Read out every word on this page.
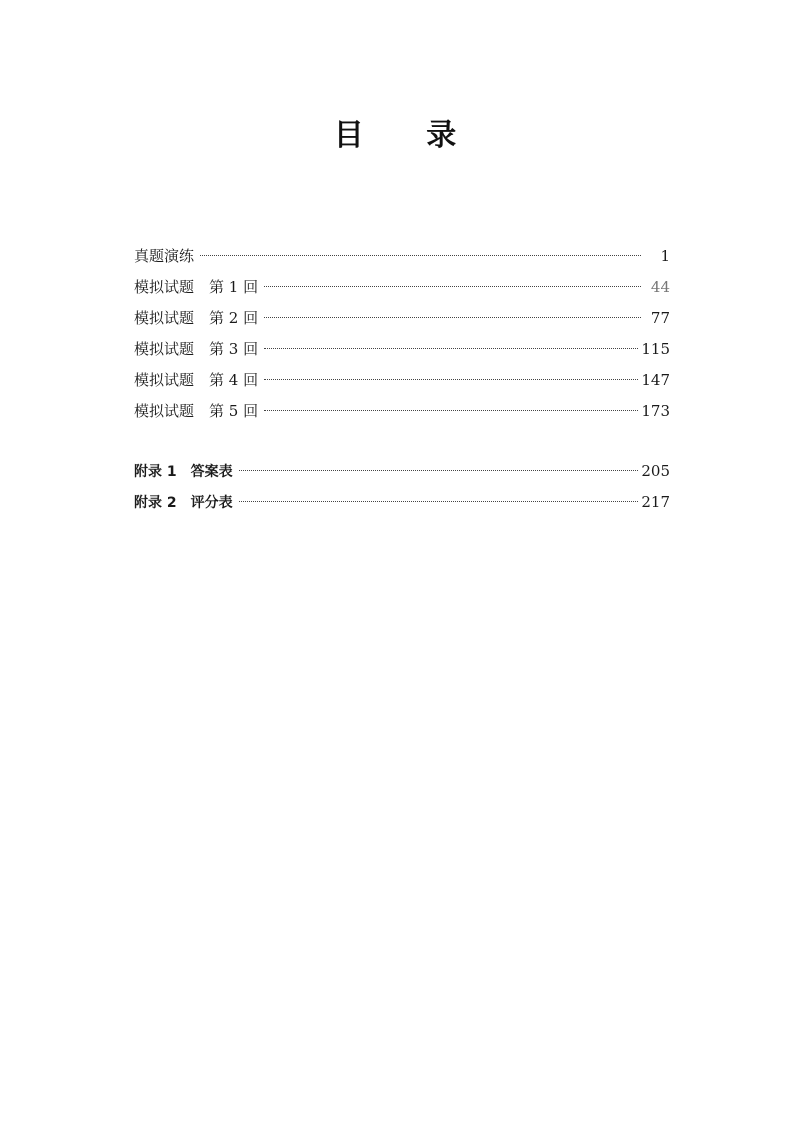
目 录
真题演练	1
模拟试题　第 1 回	44
模拟试题　第 2 回	77
模拟试题　第 3 回	115
模拟试题　第 4 回	147
模拟试题　第 5 回	173
附录 1　答案表	205
附录 2　评分表	217
